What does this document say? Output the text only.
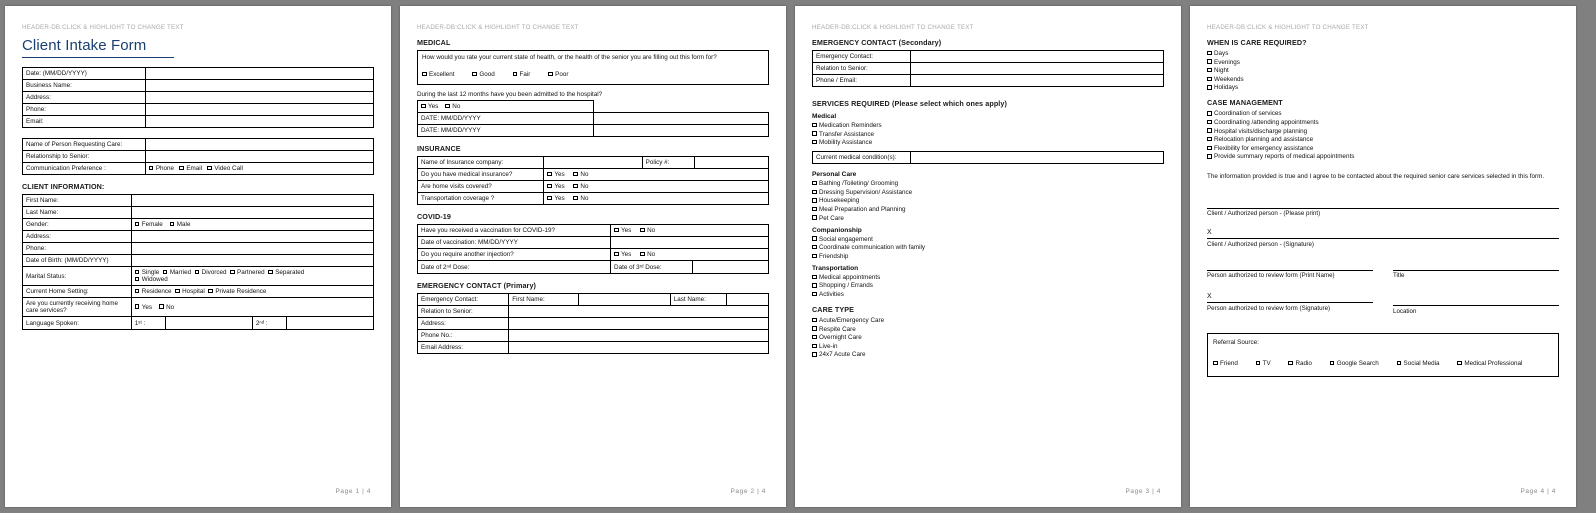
HEADER-DB:CLICK & HIGHLIGHT TO CHANGE TEXT
Client Intake Form
Date: (MM/DD/YYYY)	
Business Name:	
Address:	
Phone:	
Email:	
Name of Person Requesting Care:	
Relationship to Senior:	
Communication Preference :	Phone Email Video Call
CLIENT INFORMATION:
First Name:	
Last Name:	
Gender:	Female Male
Address:	
Phone:	
Date of Birth: (MM/DD/YYYY)	
Marital Status:	Single Married Divorced Partnered Separated
Widowed
Current Home Setting:	Residence Hospital Private Residence
Are you currently receiving home care services?	Yes No
Language Spoken:		1ˢᵗ :		2ⁿᵈ :	
Page 1 | 4
HEADER-DB:CLICK & HIGHLIGHT TO CHANGE TEXT
MEDICAL
How would you rate your current state of health, or the health of the senior you are filling out this form for?
Excellent	Good	Fair	Poor
During the last 12 months have you been admitted to the hospital?
Yes No	
DATE: MM/DD/YYYY	
DATE: MM/DD/YYYY	
INSURANCE
Name of Insurance company:		Policy #:	
Do you have medical insurance?	Yes No		
Are home visits covered?	Yes No		
Transportation coverage ?	Yes No		
COVID-19
Have you received a vaccination for COVID-19?	Yes	No
Date of vaccination: MM/DD/YYYY	
Do you require another injection?	Yes	No
Date of 2ⁿᵈ Dose:		Date of 3ʳᵈ Dose:	
EMERGENCY CONTACT (Primary)
Emergency Contact:	First Name:		Last Name:	
Relation to Senior:				
Address:				
Phone No.:				
Email Address:				
Page 2 | 4
HEADER-DB:CLICK & HIGHLIGHT TO CHANGE TEXT
EMERGENCY CONTACT (Secondary)
Emergency Contact:	
Relation to Senior:	
Phone / Email:	
SERVICES REQUIRED (Please select which ones apply)
Medical
Medication Reminders
Transfer Assistance
Mobility Assistance
Current medical condition(s):	
Personal Care
Bathing /Toileting/ Grooming
Dressing Supervision/ Assistance
Housekeeping
Meal Preparation and Planning
Pet Care
Companionship
Social engagement
Coordinate communication with family
Friendship
Transportation
Medical appointments
Shopping / Errands
Activities
CARE TYPE
Acute/Emergency Care
Respite Care
Overnight Care
Live-in
24x7 Acute Care
Page 3 | 4
HEADER-DB:CLICK & HIGHLIGHT TO CHANGE TEXT
WHEN IS CARE REQUIRED?
Days
Evenings
Night
Weekends
Holidays
CASE MANAGEMENT
Coordination of services
Coordinating /attending appointments
Hospital visits/discharge planning
Relocation planning and assistance
Flexibility for emergency assistance
Provide summary reports of medical appointments
The information provided is true and I agree to be contacted about the required senior care services selected in this form.
Client / Authorized person - (Please print)
X
Client / Authorized person - (Signature)
Person authorized to review form (Print Name)	Title
X
Person authorized to review form (Signature)	Location
Referral Source:
Friend	TV	Radio	Google Search	Social Media	Medical Professional
Page 4 | 4
